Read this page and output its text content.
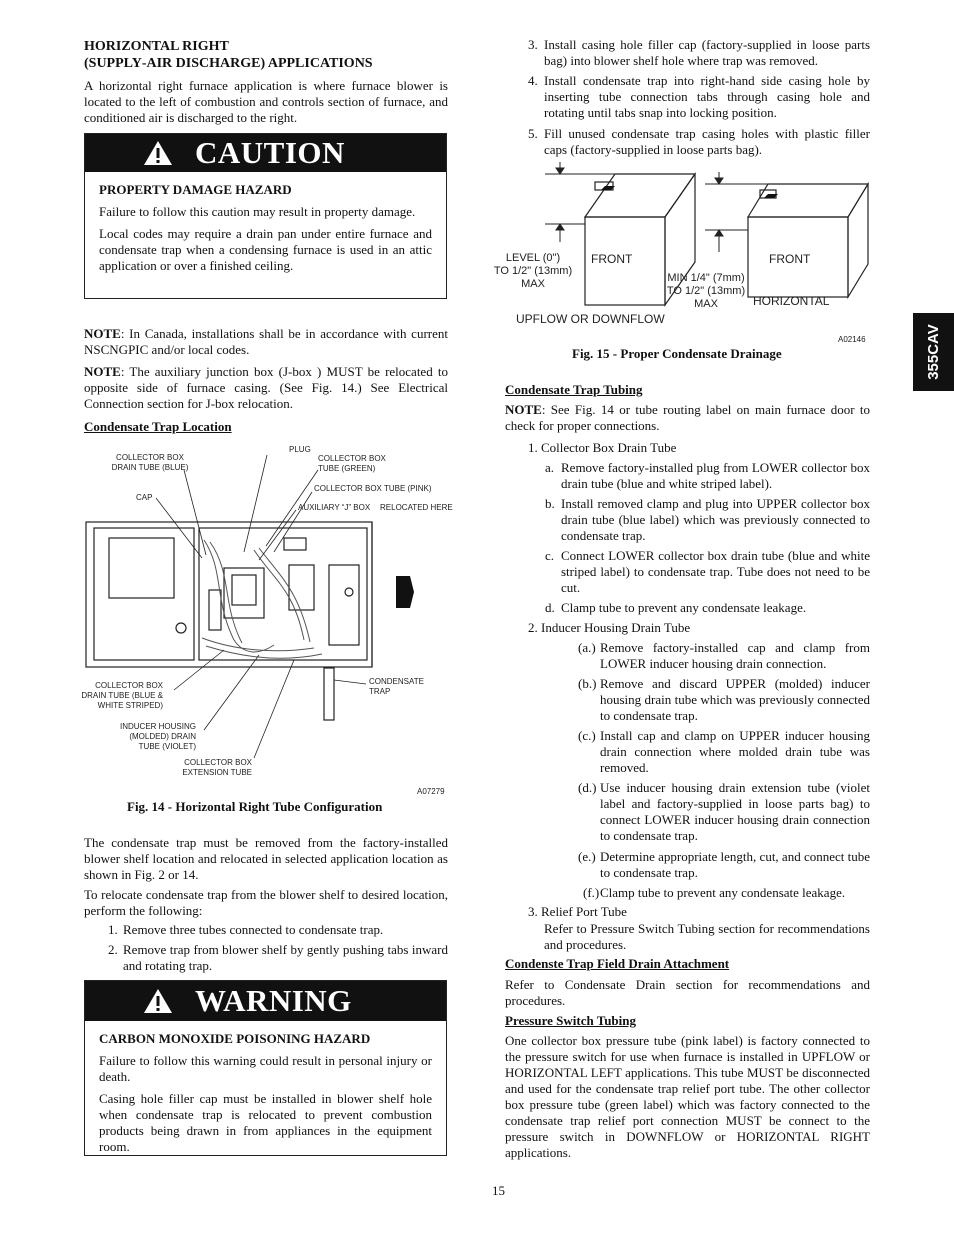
HORIZONTAL RIGHT
(SUPPLY‑AIR DISCHARGE) APPLICATIONS

A horizontal right furnace application is where furnace blower is located to the left of combustion and controls section of furnace, and conditioned air is discharged to the right.

CAUTION

PROPERTY DAMAGE HAZARD

Failure to follow this caution may result in property damage.

Local codes may require a drain pan under entire furnace and condensate trap when a condensing furnace is used in an attic application or over a finished ceiling.

NOTE: In Canada, installations shall be in accordance with current NSCNGPIC and/or local codes.

NOTE: The auxiliary junction box (J‑box ) MUST be relocated to opposite side of furnace casing. (See Fig. 14.) See Electrical Connection section for J‑box relocation.

Condensate Trap Location
COLLECTOR BOX
DRAIN TUBE (BLUE)
PLUG
COLLECTOR BOX
TUBE (GREEN)
CAP
COLLECTOR BOX TUBE (PINK)
AUXILIARY “J” BOX RELOCATED HERE
COLLECTOR BOX
DRAIN TUBE (BLUE &
WHITE STRIPED)
CONDENSATE
TRAP
INDUCER HOUSING
(MOLDED) DRAIN
TUBE (VIOLET)
COLLECTOR BOX
EXTENSION TUBE
A07279
Fig. 14 ‑ Horizontal Right Tube Configuration

The condensate trap must be removed from the factory‑installed blower shelf location and relocated in selected application location as shown in Fig. 2 or 14.

To relocate condensate trap from the blower shelf to desired location, perform the following:

1. Remove three tubes connected to condensate trap.

2. Remove trap from blower shelf by gently pushing tabs inward and rotating trap.

WARNING

CARBON MONOXIDE POISONING HAZARD

Failure to follow this warning could result in personal injury or death.

Casing hole filler cap must be installed in blower shelf hole when condensate trap is relocated to prevent combustion products being drawn in from appliances in the equipment room.

3. Install casing hole filler cap (factory‑supplied in loose parts bag) into blower shelf hole where trap was removed.

4. Install condensate trap into right‑hand side casing hole by inserting tube connection tabs through casing hole and rotating until tabs snap into locking position.

5. Fill unused condensate trap casing holes with plastic filler caps (factory‑supplied in loose parts bag).

LEVEL (0")
TO 1/2" (13mm)
MAX
FRONT	FRONT
MIN 1/4" (7mm)
TO 1/2" (13mm)
MAX	HORIZONTAL
UPFLOW OR DOWNFLOW
A02146
Fig. 15 ‑ Proper Condensate Drainage
Condensate Trap Tubing

NOTE: See Fig. 14 or tube routing label on main furnace door to check for proper connections.

1. Collector Box Drain Tube
a. Remove factory‑installed plug from LOWER collector box drain tube (blue and white striped label).

b. Install removed clamp and plug into UPPER collector box drain tube (blue label) which was previously connected to condensate trap.

c. Connect LOWER collector box drain tube (blue and white striped label) to condensate trap. Tube does not need to be cut.

d. Clamp tube to prevent any condensate leakage.

2. Inducer Housing Drain Tube
(a.) Remove factory‑installed cap and clamp from LOWER inducer housing drain connection.

(b.) Remove and discard UPPER (molded) inducer housing drain tube which was previously connected to condensate trap.

(c.) Install cap and clamp on UPPER inducer housing drain connection where molded drain tube was removed.

(d.) Use inducer housing drain extension tube (violet label and factory‑supplied in loose parts bag) to connect LOWER inducer housing drain connection to condensate trap.

(e.) Determine appropriate length, cut, and connect tube to condensate trap.

(f.) Clamp tube to prevent any condensate leakage.

3. Relief Port Tube

Refer to Pressure Switch Tubing section for recommendations and procedures.

Condenste Trap Field Drain Attachment

Refer to Condensate Drain section for recommendations and procedures.

Pressure Switch Tubing

One collector box pressure tube (pink label) is factory connected to the pressure switch for use when furnace is installed in UPFLOW or HORIZONTAL LEFT applications. This tube MUST be disconnected and used for the condensate trap relief port tube. The other collector box pressure tube (green label) which was factory connected to the condensate trap relief port connection MUST be connect to the pressure switch in DOWNFLOW or HORIZONTAL RIGHT applications.

355CAV
15
